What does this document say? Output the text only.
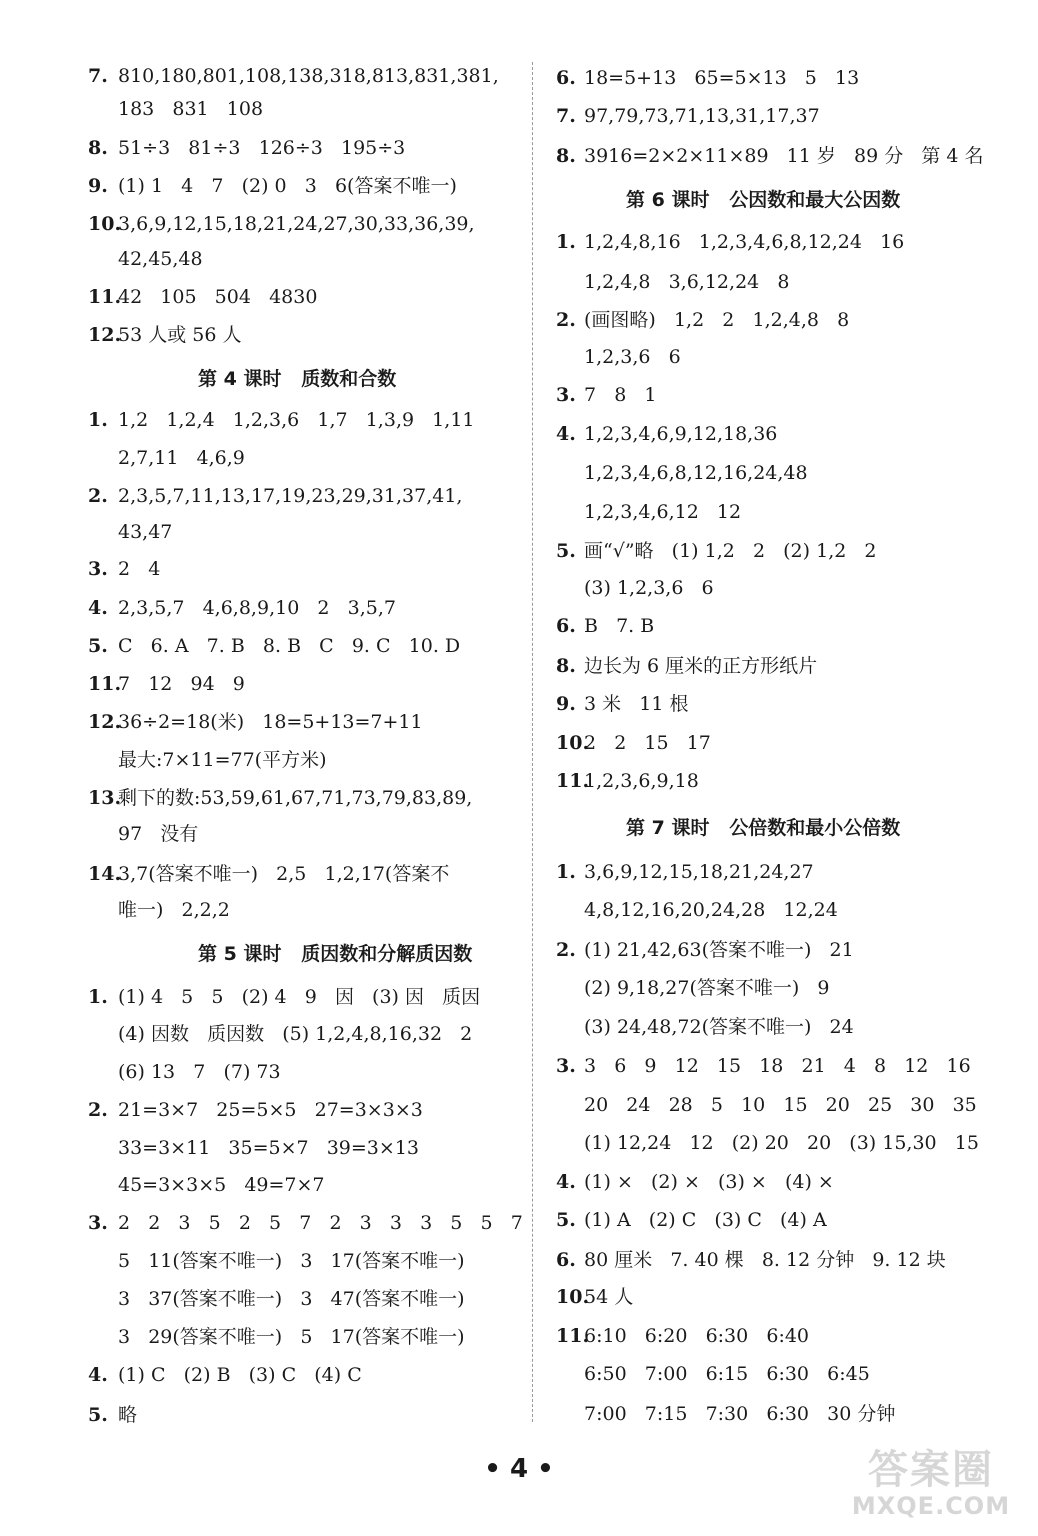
7. 810,180,801,108,138,318,813,831,381,
183   831   108
8. 51÷3   81÷3   126÷3   195÷3
9. (1) 1   4   7   (2) 0   3   6(答案不唯一)
10.3,6,9,12,15,18,21,24,27,30,33,36,39,
42,45,48
11.42   105   504   4830
12.53 人或 56 人
第 4 课时   质数和合数
1. 1,2   1,2,4   1,2,3,6   1,7   1,3,9   1,11
2,7,11   4,6,9
2. 2,3,5,7,11,13,17,19,23,29,31,37,41,
43,47
3. 2   4
4. 2,3,5,7   4,6,8,9,10   2   3,5,7
5. C   6. A   7. B   8. B   C   9. C   10. D
11.7   12   94   9
12.36÷2=18(米)   18=5+13=7+11
最大:7×11=77(平方米)
13.剩下的数:53,59,61,67,71,73,79,83,89,
97   没有
14.3,7(答案不唯一)   2,5   1,2,17(答案不
唯一)   2,2,2
第 5 课时   质因数和分解质因数
1. (1) 4   5   5   (2) 4   9   因   (3) 因   质因
(4) 因数   质因数   (5) 1,2,4,8,16,32   2
(6) 13   7   (7) 73
2. 21=3×7   25=5×5   27=3×3×3
33=3×11   35=5×7   39=3×13
45=3×3×5   49=7×7
3. 2   2   3   5   2   5   7   2   3   3   3   5   5   7
5   11(答案不唯一)   3   17(答案不唯一)
3   37(答案不唯一)   3   47(答案不唯一)
3   29(答案不唯一)   5   17(答案不唯一)
4. (1) C   (2) B   (3) C   (4) C
5. 略
6. 18=5+13   65=5×13   5   13
7. 97,79,73,71,13,31,17,37
8. 3916=2×2×11×89   11 岁   89 分   第 4 名
第 6 课时   公因数和最大公因数
1. 1,2,4,8,16   1,2,3,4,6,8,12,24   16
1,2,4,8   3,6,12,24   8
2. (画图略)   1,2   2   1,2,4,8   8
1,2,3,6   6
3. 7   8   1
4. 1,2,3,4,6,9,12,18,36
1,2,3,4,6,8,12,16,24,48
1,2,3,4,6,12   12
5. 画“√”略   (1) 1,2   2   (2) 1,2   2
(3) 1,2,3,6   6
6. B   7. B
8. 边长为 6 厘米的正方形纸片
9. 3 米   11 根
10.2   2   15   17
11.1,2,3,6,9,18
第 7 课时   公倍数和最小公倍数
1. 3,6,9,12,15,18,21,24,27
4,8,12,16,20,24,28   12,24
2. (1) 21,42,63(答案不唯一)   21
(2) 9,18,27(答案不唯一)   9
(3) 24,48,72(答案不唯一)   24
3. 3   6   9   12   15   18   21   4   8   12   16
20   24   28   5   10   15   20   25   30   35
(1) 12,24   12   (2) 20   20   (3) 15,30   15
4. (1) ×   (2) ×   (3) ×   (4) ×
5. (1) A   (2) C   (3) C   (4) A
6. 80 厘米   7. 40 棵   8. 12 分钟   9. 12 块
10.54 人
11.6:10   6:20   6:30   6:40
6:50   7:00   6:15   6:30   6:45
7:00   7:15   7:30   6:30   30 分钟
• 4 •	答案圈
MXQE.COM
